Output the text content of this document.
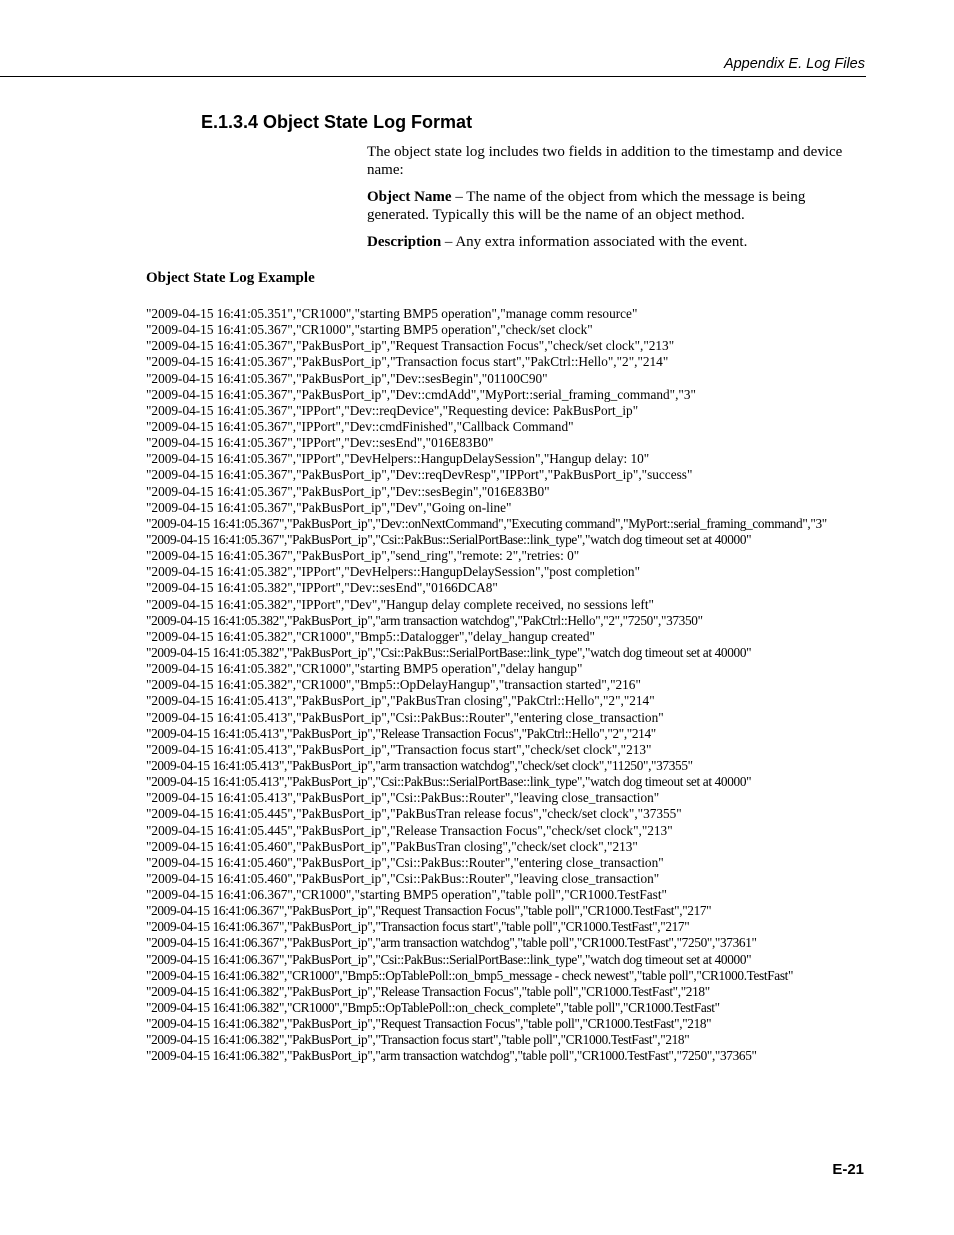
Appendix E. Log Files
E.1.3.4 Object State Log Format

The object state log includes two fields in addition to the timestamp and device name:

Object Name – The name of the object from which the message is being generated. Typically this will be the name of an object method.

Description – Any extra information associated with the event.

Object State Log Example
"2009-04-15 16:41:05.351","CR1000","starting BMP5 operation","manage comm resource"
"2009-04-15 16:41:05.367","CR1000","starting BMP5 operation","check/set clock"
"2009-04-15 16:41:05.367","PakBusPort_ip","Request Transaction Focus","check/set clock","213"
"2009-04-15 16:41:05.367","PakBusPort_ip","Transaction focus start","PakCtrl::Hello","2","214"
"2009-04-15 16:41:05.367","PakBusPort_ip","Dev::sesBegin","01100C90"
"2009-04-15 16:41:05.367","PakBusPort_ip","Dev::cmdAdd","MyPort::serial_framing_command","3"
"2009-04-15 16:41:05.367","IPPort","Dev::reqDevice","Requesting device: PakBusPort_ip"
"2009-04-15 16:41:05.367","IPPort","Dev::cmdFinished","Callback Command"
"2009-04-15 16:41:05.367","IPPort","Dev::sesEnd","016E83B0"
"2009-04-15 16:41:05.367","IPPort","DevHelpers::HangupDelaySession","Hangup delay: 10"
"2009-04-15 16:41:05.367","PakBusPort_ip","Dev::reqDevResp","IPPort","PakBusPort_ip","success"
"2009-04-15 16:41:05.367","PakBusPort_ip","Dev::sesBegin","016E83B0"
"2009-04-15 16:41:05.367","PakBusPort_ip","Dev","Going on-line"
"2009-04-15 16:41:05.367","PakBusPort_ip","Dev::onNextCommand","Executing command","MyPort::serial_framing_command","3"
"2009-04-15 16:41:05.367","PakBusPort_ip","Csi::PakBus::SerialPortBase::link_type","watch dog timeout set at 40000"
"2009-04-15 16:41:05.367","PakBusPort_ip","send_ring","remote: 2","retries: 0"
"2009-04-15 16:41:05.382","IPPort","DevHelpers::HangupDelaySession","post completion"
"2009-04-15 16:41:05.382","IPPort","Dev::sesEnd","0166DCA8"
"2009-04-15 16:41:05.382","IPPort","Dev","Hangup delay complete received, no sessions left"
"2009-04-15 16:41:05.382","PakBusPort_ip","arm transaction watchdog","PakCtrl::Hello","2","7250","37350"
"2009-04-15 16:41:05.382","CR1000","Bmp5::Datalogger","delay_hangup created"
"2009-04-15 16:41:05.382","PakBusPort_ip","Csi::PakBus::SerialPortBase::link_type","watch dog timeout set at 40000"
"2009-04-15 16:41:05.382","CR1000","starting BMP5 operation","delay hangup"
"2009-04-15 16:41:05.382","CR1000","Bmp5::OpDelayHangup","transaction started","216"
"2009-04-15 16:41:05.413","PakBusPort_ip","PakBusTran closing","PakCtrl::Hello","2","214"
"2009-04-15 16:41:05.413","PakBusPort_ip","Csi::PakBus::Router","entering close_transaction"
"2009-04-15 16:41:05.413","PakBusPort_ip","Release Transaction Focus","PakCtrl::Hello","2","214"
"2009-04-15 16:41:05.413","PakBusPort_ip","Transaction focus start","check/set clock","213"
"2009-04-15 16:41:05.413","PakBusPort_ip","arm transaction watchdog","check/set clock","11250","37355"
"2009-04-15 16:41:05.413","PakBusPort_ip","Csi::PakBus::SerialPortBase::link_type","watch dog timeout set at 40000"
"2009-04-15 16:41:05.413","PakBusPort_ip","Csi::PakBus::Router","leaving close_transaction"
"2009-04-15 16:41:05.445","PakBusPort_ip","PakBusTran release focus","check/set clock","37355"
"2009-04-15 16:41:05.445","PakBusPort_ip","Release Transaction Focus","check/set clock","213"
"2009-04-15 16:41:05.460","PakBusPort_ip","PakBusTran closing","check/set clock","213"
"2009-04-15 16:41:05.460","PakBusPort_ip","Csi::PakBus::Router","entering close_transaction"
"2009-04-15 16:41:05.460","PakBusPort_ip","Csi::PakBus::Router","leaving close_transaction"
"2009-04-15 16:41:06.367","CR1000","starting BMP5 operation","table poll","CR1000.TestFast"
"2009-04-15 16:41:06.367","PakBusPort_ip","Request Transaction Focus","table poll","CR1000.TestFast","217"
"2009-04-15 16:41:06.367","PakBusPort_ip","Transaction focus start","table poll","CR1000.TestFast","217"
"2009-04-15 16:41:06.367","PakBusPort_ip","arm transaction watchdog","table poll","CR1000.TestFast","7250","37361"
"2009-04-15 16:41:06.367","PakBusPort_ip","Csi::PakBus::SerialPortBase::link_type","watch dog timeout set at 40000"
"2009-04-15 16:41:06.382","CR1000","Bmp5::OpTablePoll::on_bmp5_message - check newest","table poll","CR1000.TestFast"
"2009-04-15 16:41:06.382","PakBusPort_ip","Release Transaction Focus","table poll","CR1000.TestFast","218"
"2009-04-15 16:41:06.382","CR1000","Bmp5::OpTablePoll::on_check_complete","table poll","CR1000.TestFast"
"2009-04-15 16:41:06.382","PakBusPort_ip","Request Transaction Focus","table poll","CR1000.TestFast","218"
"2009-04-15 16:41:06.382","PakBusPort_ip","Transaction focus start","table poll","CR1000.TestFast","218"
"2009-04-15 16:41:06.382","PakBusPort_ip","arm transaction watchdog","table poll","CR1000.TestFast","7250","37365"
E-21
